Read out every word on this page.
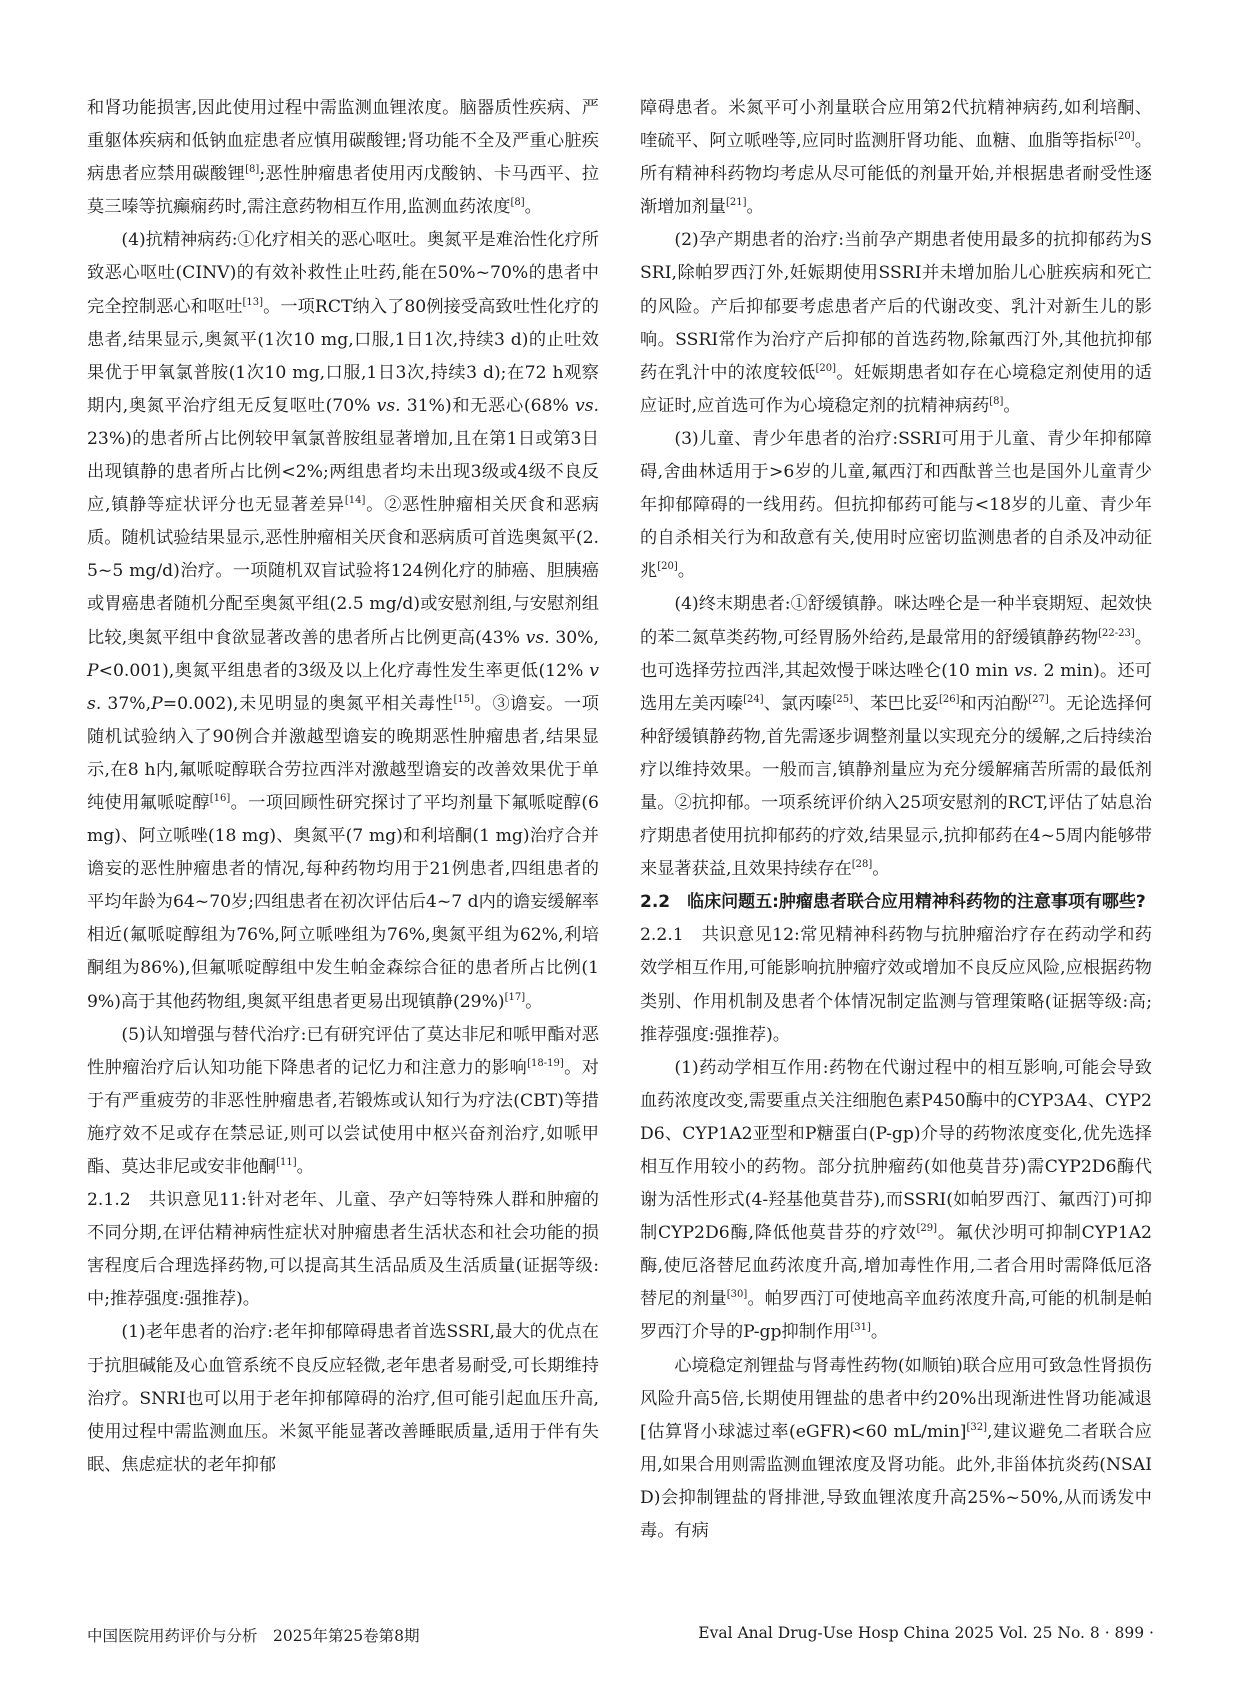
和肾功能损害,因此使用过程中需监测血锂浓度。脑器质性疾病、严重躯体疾病和低钠血症患者应慎用碳酸锂;肾功能不全及严重心脏疾病患者应禁用碳酸锂[8];恶性肿瘤患者使用丙戊酸钠、卡马西平、拉莫三嗪等抗癫痫药时,需注意药物相互作用,监测血药浓度[8]。

(4)抗精神病药:①化疗相关的恶心呕吐。奥氮平是难治性化疗所致恶心呕吐(CINV)的有效补救性止吐药,能在50%~70%的患者中完全控制恶心和呕吐[13]。一项RCT纳入了80例接受高致吐性化疗的患者,结果显示,奥氮平(1次10 mg,口服,1日1次,持续3 d)的止吐效果优于甲氧氯普胺(1次10 mg,口服,1日3次,持续3 d);在72 h观察期内,奥氮平治疗组无反复呕吐(70% vs. 31%)和无恶心(68% vs. 23%)的患者所占比例较甲氧氯普胺组显著增加,且在第1日或第3日出现镇静的患者所占比例<2%;两组患者均未出现3级或4级不良反应,镇静等症状评分也无显著差异[14]。②恶性肿瘤相关厌食和恶病质。随机试验结果显示,恶性肿瘤相关厌食和恶病质可首选奥氮平(2.5~5 mg/d)治疗。一项随机双盲试验将124例化疗的肺癌、胆胰癌或胃癌患者随机分配至奥氮平组(2.5 mg/d)或安慰剂组,与安慰剂组比较,奥氮平组中食欲显著改善的患者所占比例更高(43% vs. 30%,P<0.001),奥氮平组患者的3级及以上化疗毒性发生率更低(12% vs. 37%,P=0.002),未见明显的奥氮平相关毒性[15]。③谵妄。一项随机试验纳入了90例合并激越型谵妄的晚期恶性肿瘤患者,结果显示,在8 h内,氟哌啶醇联合劳拉西泮对激越型谵妄的改善效果优于单纯使用氟哌啶醇[16]。一项回顾性研究探讨了平均剂量下氟哌啶醇(6 mg)、阿立哌唑(18 mg)、奥氮平(7 mg)和利培酮(1 mg)治疗合并谵妄的恶性肿瘤患者的情况,每种药物均用于21例患者,四组患者的平均年龄为64~70岁;四组患者在初次评估后4~7 d内的谵妄缓解率相近(氟哌啶醇组为76%,阿立哌唑组为76%,奥氮平组为62%,利培酮组为86%),但氟哌啶醇组中发生帕金森综合征的患者所占比例(19%)高于其他药物组,奥氮平组患者更易出现镇静(29%)[17]。

(5)认知增强与替代治疗:已有研究评估了莫达非尼和哌甲酯对恶性肿瘤治疗后认知功能下降患者的记忆力和注意力的影响[18-19]。对于有严重疲劳的非恶性肿瘤患者,若锻炼或认知行为疗法(CBT)等措施疗效不足或存在禁忌证,则可以尝试使用中枢兴奋剂治疗,如哌甲酯、莫达非尼或安非他酮[11]。

2.1.2　共识意见11:针对老年、儿童、孕产妇等特殊人群和肿瘤的不同分期,在评估精神病性症状对肿瘤患者生活状态和社会功能的损害程度后合理选择药物,可以提高其生活品质及生活质量(证据等级:中;推荐强度:强推荐)。

(1)老年患者的治疗:老年抑郁障碍患者首选SSRI,最大的优点在于抗胆碱能及心血管系统不良反应轻微,老年患者易耐受,可长期维持治疗。SNRI也可以用于老年抑郁障碍的治疗,但可能引起血压升高,使用过程中需监测血压。米氮平能显著改善睡眠质量,适用于伴有失眠、焦虑症状的老年抑郁

障碍患者。米氮平可小剂量联合应用第2代抗精神病药,如利培酮、喹硫平、阿立哌唑等,应同时监测肝肾功能、血糖、血脂等指标[20]。所有精神科药物均考虑从尽可能低的剂量开始,并根据患者耐受性逐渐增加剂量[21]。

(2)孕产期患者的治疗:当前孕产期患者使用最多的抗抑郁药为SSRI,除帕罗西汀外,妊娠期使用SSRI并未增加胎儿心脏疾病和死亡的风险。产后抑郁要考虑患者产后的代谢改变、乳汁对新生儿的影响。SSRI常作为治疗产后抑郁的首选药物,除氟西汀外,其他抗抑郁药在乳汁中的浓度较低[20]。妊娠期患者如存在心境稳定剂使用的适应证时,应首选可作为心境稳定剂的抗精神病药[8]。

(3)儿童、青少年患者的治疗:SSRI可用于儿童、青少年抑郁障碍,舍曲林适用于>6岁的儿童,氟西汀和西酞普兰也是国外儿童青少年抑郁障碍的一线用药。但抗抑郁药可能与<18岁的儿童、青少年的自杀相关行为和敌意有关,使用时应密切监测患者的自杀及冲动征兆[20]。

(4)终末期患者:①舒缓镇静。咪达唑仑是一种半衰期短、起效快的苯二氮草类药物,可经胃肠外给药,是最常用的舒缓镇静药物[22-23]。也可选择劳拉西泮,其起效慢于咪达唑仑(10 min vs. 2 min)。还可选用左美丙嗪[24]、氯丙嗪[25]、苯巴比妥[26]和丙泊酚[27]。无论选择何种舒缓镇静药物,首先需逐步调整剂量以实现充分的缓解,之后持续治疗以维持效果。一般而言,镇静剂量应为充分缓解痛苦所需的最低剂量。②抗抑郁。一项系统评价纳入25项安慰剂的RCT,评估了姑息治疗期患者使用抗抑郁药的疗效,结果显示,抗抑郁药在4~5周内能够带来显著获益,且效果持续存在[28]。

2.2　临床问题五:肿瘤患者联合应用精神科药物的注意事项有哪些?

2.2.1　共识意见12:常见精神科药物与抗肿瘤治疗存在药动学和药效学相互作用,可能影响抗肿瘤疗效或增加不良反应风险,应根据药物类别、作用机制及患者个体情况制定监测与管理策略(证据等级:高;推荐强度:强推荐)。

(1)药动学相互作用:药物在代谢过程中的相互影响,可能会导致血药浓度改变,需要重点关注细胞色素P450酶中的CYP3A4、CYP2D6、CYP1A2亚型和P糖蛋白(P-gp)介导的药物浓度变化,优先选择相互作用较小的药物。部分抗肿瘤药(如他莫昔芬)需CYP2D6酶代谢为活性形式(4-羟基他莫昔芬),而SSRI(如帕罗西汀、氟西汀)可抑制CYP2D6酶,降低他莫昔芬的疗效[29]。氟伏沙明可抑制CYP1A2酶,使厄洛替尼血药浓度升高,增加毒性作用,二者合用时需降低厄洛替尼的剂量[30]。帕罗西汀可使地高辛血药浓度升高,可能的机制是帕罗西汀介导的P-gp抑制作用[31]。

心境稳定剂锂盐与肾毒性药物(如顺铂)联合应用可致急性肾损伤风险升高5倍,长期使用锂盐的患者中约20%出现渐进性肾功能减退[估算肾小球滤过率(eGFR)<60 mL/min][32],建议避免二者联合应用,如果合用则需监测血锂浓度及肾功能。此外,非甾体抗炎药(NSAID)会抑制锂盐的肾排泄,导致血锂浓度升高25%~50%,从而诱发中毒。有病

中国医院用药评价与分析　2025年第25卷第8期	Eval Anal Drug-Use Hosp China 2025 Vol. 25 No. 8 · 899 ·
